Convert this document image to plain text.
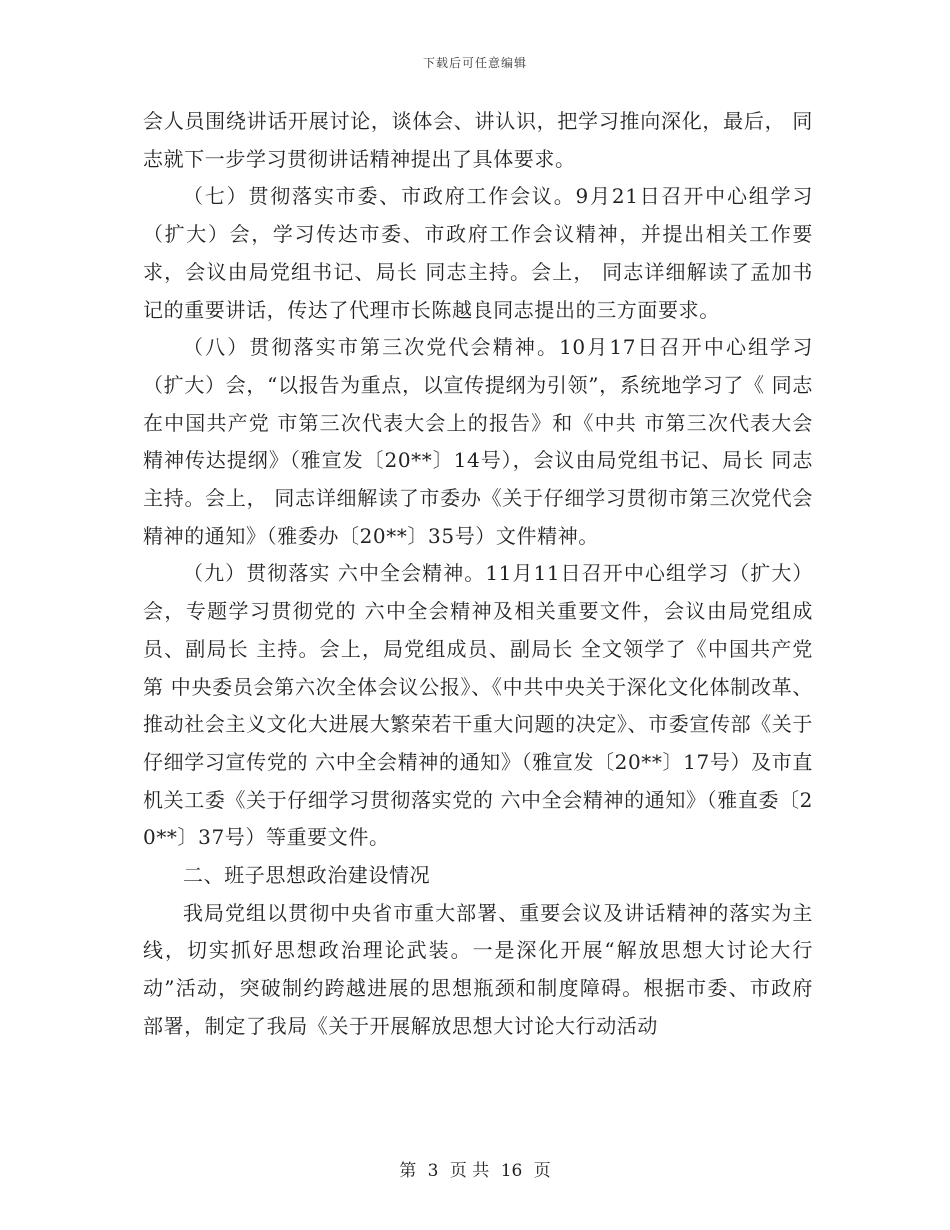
下载后可任意编辑

会人员围绕讲话开展讨论，谈体会、讲认识，把学习推向深化，最后， 同志就下一步学习贯彻讲话精神提出了具体要求。

（七）贯彻落实市委、市政府工作会议。9月21日召开中心组学习（扩大）会，学习传达市委、市政府工作会议精神，并提出相关工作要求，会议由局党组书记、局长 同志主持。会上， 同志详细解读了孟加书记的重要讲话，传达了代理市长陈越良同志提出的三方面要求。

（八）贯彻落实市第三次党代会精神。10月17日召开中心组学习（扩大）会，“以报告为重点，以宣传提纲为引领”，系统地学习了《 同志在中国共产党 市第三次代表大会上的报告》和《中共 市第三次代表大会精神传达提纲》（雅宣发〔20**〕14号），会议由局党组书记、局长 同志主持。会上， 同志详细解读了市委办《关于仔细学习贯彻市第三次党代会精神的通知》（雅委办〔20**〕35号）文件精神。

（九）贯彻落实 六中全会精神。11月11日召开中心组学习（扩大）会，专题学习贯彻党的 六中全会精神及相关重要文件，会议由局党组成员、副局长 主持。会上，局党组成员、副局长 全文领学了《中国共产党第 中央委员会第六次全体会议公报》、《中共中央关于深化文化体制改革、推动社会主义文化大进展大繁荣若干重大问题的决定》、市委宣传部《关于仔细学习宣传党的 六中全会精神的通知》（雅宣发〔20**〕17号）及市直机关工委《关于仔细学习贯彻落实党的 六中全会精神的通知》（雅直委〔20**〕37号）等重要文件。

二、班子思想政治建设情况

我局党组以贯彻中央省市重大部署、重要会议及讲话精神的落实为主线，切实抓好思想政治理论武装。一是深化开展“解放思想大讨论大行动”活动，突破制约跨越进展的思想瓶颈和制度障碍。根据市委、市政府部署，制定了我局《关于开展解放思想大讨论大行动活动

第 3 页 共 16 页
